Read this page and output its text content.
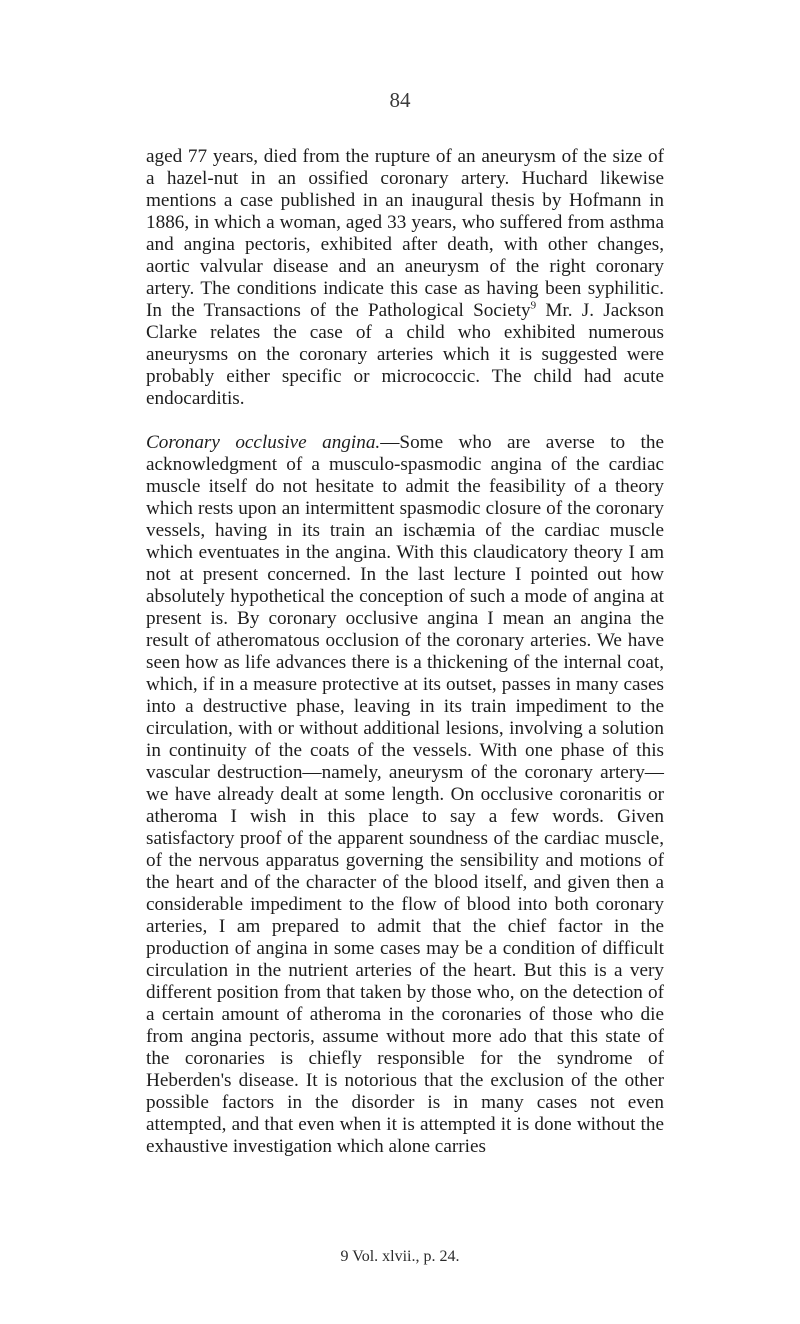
84

aged 77 years, died from the rupture of an aneurysm of the size of a hazel-nut in an ossified coronary artery. Huchard likewise mentions a case published in an inaugural thesis by Hofmann in 1886, in which a woman, aged 33 years, who suffered from asthma and angina pectoris, exhibited after death, with other changes, aortic valvular disease and an aneurysm of the right coronary artery. The conditions indicate this case as having been syphilitic. In the Transactions of the Pathological Society$^9$ Mr. J. Jackson Clarke relates the case of a child who exhibited numerous aneurysms on the coronary arteries which it is suggested were probably either specific or micrococcic. The child had acute endocarditis.

Coronary occlusive angina.—Some who are averse to the acknowledgment of a musculo-spasmodic angina of the cardiac muscle itself do not hesitate to admit the feasibility of a theory which rests upon an intermittent spasmodic closure of the coronary vessels, having in its train an ischæmia of the cardiac muscle which eventuates in the angina. With this claudicatory theory I am not at present concerned. In the last lecture I pointed out how absolutely hypothetical the conception of such a mode of angina at present is. By coronary occlusive angina I mean an angina the result of atheromatous occlusion of the coronary arteries. We have seen how as life advances there is a thickening of the internal coat, which, if in a measure protective at its outset, passes in many cases into a destructive phase, leaving in its train impediment to the circulation, with or without additional lesions, involving a solution in continuity of the coats of the vessels. With one phase of this vascular destruction—namely, aneurysm of the coronary artery—we have already dealt at some length. On occlusive coronaritis or atheroma I wish in this place to say a few words. Given satisfactory proof of the apparent soundness of the cardiac muscle, of the nervous apparatus governing the sensibility and motions of the heart and of the character of the blood itself, and given then a considerable impediment to the flow of blood into both coronary arteries, I am prepared to admit that the chief factor in the production of angina in some cases may be a condition of difficult circulation in the nutrient arteries of the heart. But this is a very different position from that taken by those who, on the detection of a certain amount of atheroma in the coronaries of those who die from angina pectoris, assume without more ado that this state of the coronaries is chiefly responsible for the syndrome of Heberden's disease. It is notorious that the exclusion of the other possible factors in the disorder is in many cases not even attempted, and that even when it is attempted it is done without the exhaustive investigation which alone carries

9 Vol. xlvii., p. 24.
